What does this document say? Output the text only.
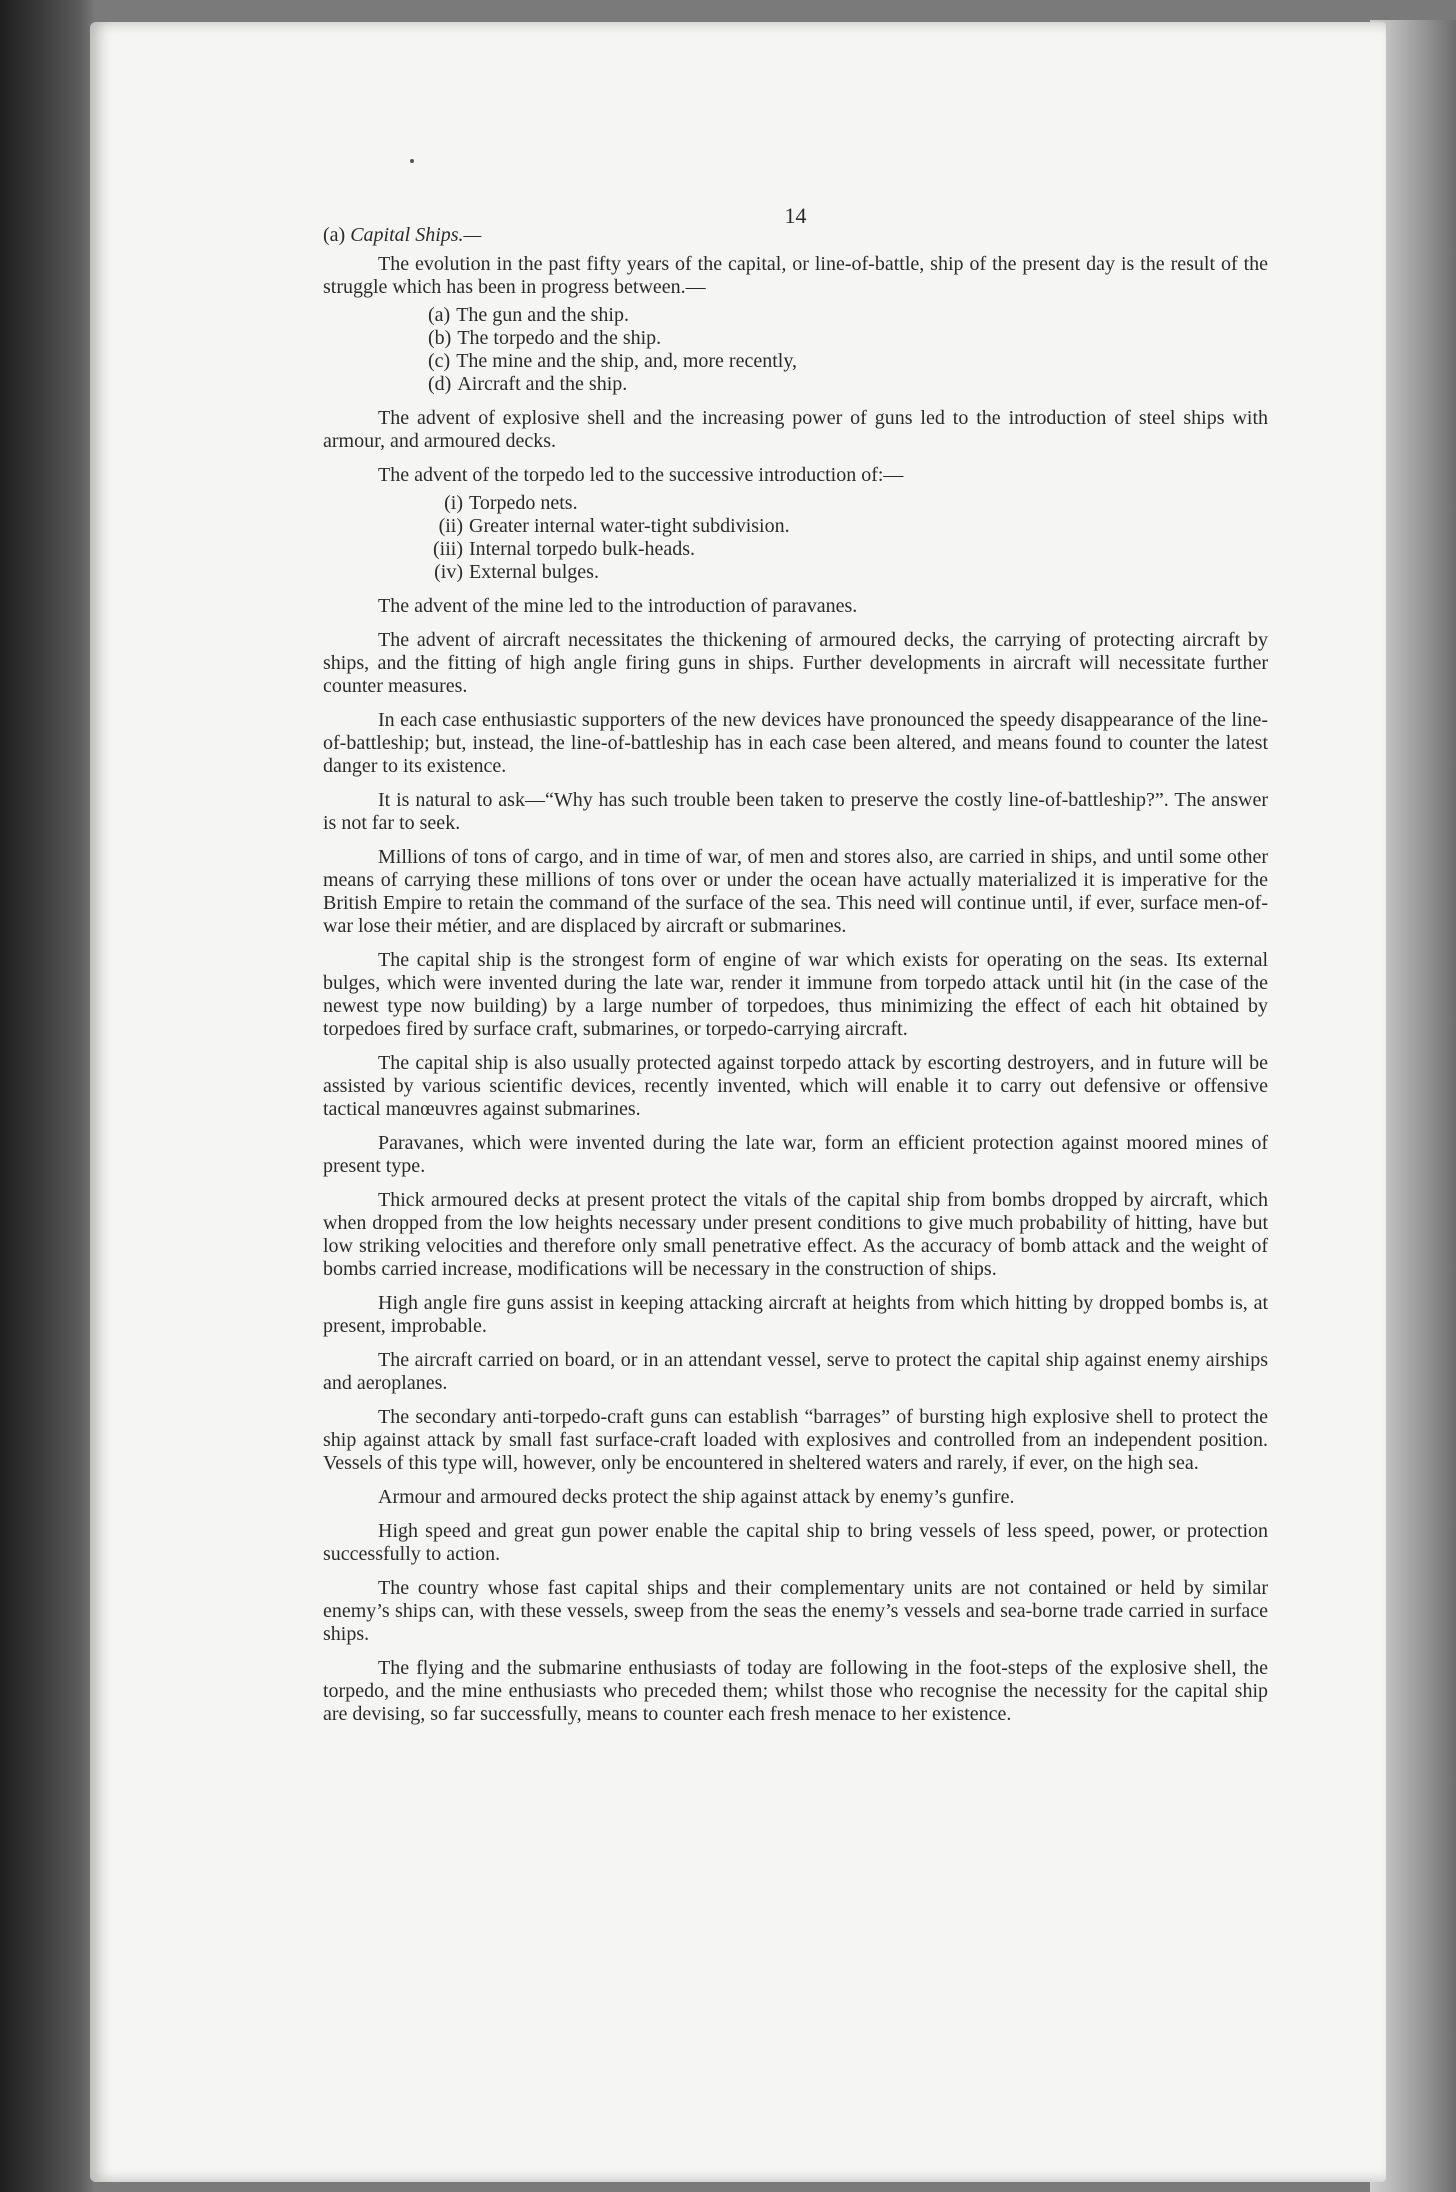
14
(a) Capital Ships.—

The evolution in the past fifty years of the capital, or line-of-battle, ship of the present day is the result of the struggle which has been in progress between.—

(a) The gun and the ship.
(b) The torpedo and the ship.
(c) The mine and the ship, and, more recently,
(d) Aircraft and the ship.

The advent of explosive shell and the increasing power of guns led to the introduction of steel ships with armour, and armoured decks.

The advent of the torpedo led to the successive introduction of:—

(i) Torpedo nets.
(ii) Greater internal water-tight subdivision.
(iii) Internal torpedo bulk-heads.
(iv) External bulges.

The advent of the mine led to the introduction of paravanes.

The advent of aircraft necessitates the thickening of armoured decks, the carrying of protecting aircraft by ships, and the fitting of high angle firing guns in ships. Further developments in aircraft will necessitate further counter measures.

In each case enthusiastic supporters of the new devices have pronounced the speedy disappearance of the line-of-battleship; but, instead, the line-of-battleship has in each case been altered, and means found to counter the latest danger to its existence.

It is natural to ask—“Why has such trouble been taken to preserve the costly line-of-battleship?”. The answer is not far to seek.

Millions of tons of cargo, and in time of war, of men and stores also, are carried in ships, and until some other means of carrying these millions of tons over or under the ocean have actually materialized it is imperative for the British Empire to retain the command of the surface of the sea. This need will continue until, if ever, surface men-of-war lose their métier, and are displaced by aircraft or submarines.

The capital ship is the strongest form of engine of war which exists for operating on the seas. Its external bulges, which were invented during the late war, render it immune from torpedo attack until hit (in the case of the newest type now building) by a large number of torpedoes, thus minimizing the effect of each hit obtained by torpedoes fired by surface craft, submarines, or torpedo-carrying aircraft.

The capital ship is also usually protected against torpedo attack by escorting destroyers, and in future will be assisted by various scientific devices, recently invented, which will enable it to carry out defensive or offensive tactical manœuvres against submarines.

Paravanes, which were invented during the late war, form an efficient protection against moored mines of present type.

Thick armoured decks at present protect the vitals of the capital ship from bombs dropped by aircraft, which when dropped from the low heights necessary under present conditions to give much probability of hitting, have but low striking velocities and therefore only small penetrative effect. As the accuracy of bomb attack and the weight of bombs carried increase, modifications will be necessary in the construction of ships.

High angle fire guns assist in keeping attacking aircraft at heights from which hitting by dropped bombs is, at present, improbable.

The aircraft carried on board, or in an attendant vessel, serve to protect the capital ship against enemy airships and aeroplanes.

The secondary anti-torpedo-craft guns can establish “barrages” of bursting high explosive shell to protect the ship against attack by small fast surface-craft loaded with explosives and controlled from an independent position. Vessels of this type will, however, only be encountered in sheltered waters and rarely, if ever, on the high sea.

Armour and armoured decks protect the ship against attack by enemy’s gunfire.

High speed and great gun power enable the capital ship to bring vessels of less speed, power, or protection successfully to action.

The country whose fast capital ships and their complementary units are not contained or held by similar enemy’s ships can, with these vessels, sweep from the seas the enemy’s vessels and sea-borne trade carried in surface ships.

The flying and the submarine enthusiasts of today are following in the foot-steps of the explosive shell, the torpedo, and the mine enthusiasts who preceded them; whilst those who recognise the necessity for the capital ship are devising, so far successfully, means to counter each fresh menace to her existence.
